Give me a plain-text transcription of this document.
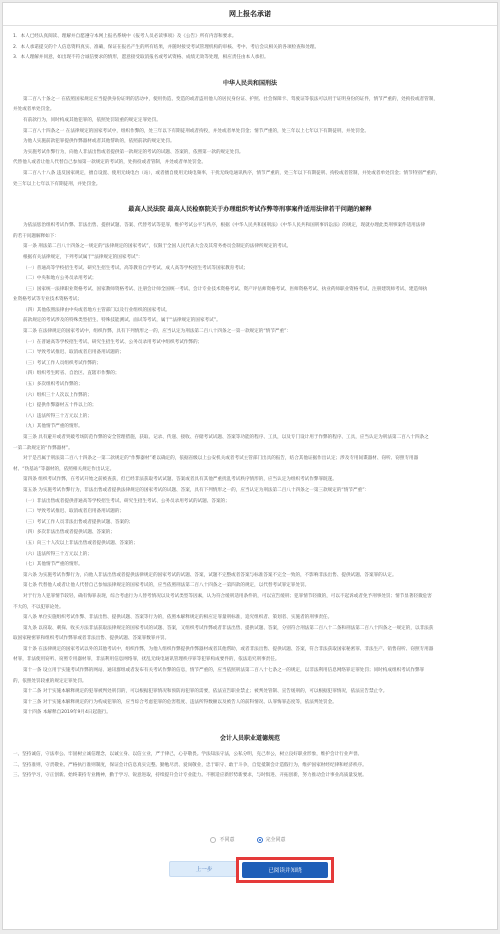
网上报名承诺

1．本人已经认真阅读、理解并自愿遵守本网上报名系统中《报考人员必读事项》及《公告》所有内容和要求。

2．本人承诺提交的个人信息资料真实、准确，保证在报名产生的所有结果，并随时接受考试管理机构的审核、考中、考后会议相关的各项检查和处理。

3．本人理解并同意，如出现不符合诚信要求的情形，愿意接受取消报名或考试资格、成绩无效等处理，相应责任由本人承担。

中华人民共和国刑法

第二百八十条之一 在依照国家规定应当提供身份证明的活动中，使用伪造、变造的或者盗用他人的居民身份证、护照、社会保障卡、驾驶证等依法可以用于证明身份的证件，情节严重的，处拘役或者管制，

并处或者单处罚金。

有前款行为，同时构成其他犯罪的，依照处罚较重的规定定罪处罚。

第二百八十四条之一 在法律规定的国家考试中，组织作弊的，处三年以下有期徒刑或者拘役，并处或者单处罚金；情节严重的，处三年以上七年以下有期徒刑，并处罚金。

为他人实施前款犯罪提供作弊器材或者其他帮助的，依照前款的规定处罚。

为实施考试作弊行为，向他人非法出售或者提供第一款规定的考试的试题、答案的，依照第一款的规定处罚。

代替他人或者让他人代替自己参加第一款规定的考试的，处拘役或者管制，并处或者单处罚金。

第二百八十八条 违反国家规定，擅自设置、使用无线电台（站），或者擅自使用无线电频率，干扰无线电通讯秩序，情节严重的，处三年以下有期徒刑、拘役或者管制，并处或者单处罚金；情节特别严重的，

处三年以上七年以下有期徒刑，并处罚金。

最高人民法院 最高人民检察院关于办理组织考试作弊等刑事案件适用法律若干问题的解释

为依法惩治组织考试作弊、非法出售、提供试题、答案、代替考试等犯罪，维护考试公平与秩序，根据《中华人民共和国刑法》《中华人民共和国刑事诉讼法》的规定，现就办理此类刑事案件适用法律

的若干问题解释如下：

第一条 刑法第二百八十四条之一规定的“法律规定的国家考试”，仅限于全国人民代表大会及其常务委员会制定的法律所规定的考试。

根据有关法律规定，下列考试属于“法律规定的国家考试”：

（一）普通高等学校招生考试、研究生招生考试、高等教育自学考试、成人高等学校招生考试等国家教育考试；

（二）中央和地方公务员录用考试；

（三）国家统一法律职业资格考试、国家教师资格考试、注册会计师全国统一考试、会计专业技术资格考试、资产评估师资格考试、医师资格考试、执业药师职业资格考试、注册建筑师考试、建造师执

业资格考试等专业技术资格考试；

（四）其他依照法律由中央或者地方主管部门以及行业组织的国家考试。

前款规定的考试涉及的特殊类型招生、特殊技能测试、面试等考试，属于“法律规定的国家考试”。

第二条 在法律规定的国家考试中，组织作弊，具有下列情形之一的，应当认定为刑法第二百八十四条之一第一款规定的“情节严重”：

（一）在普通高等学校招生考试、研究生招生考试、公务员录用考试中组织考试作弊的；

（二）导致考试推迟、取消或者启用备用试题的；

（三）考试工作人员组织考试作弊的；

（四）组织考生跨省、自治区、直辖市作弊的；

（五）多次组织考试作弊的；

（六）组织三十人次以上作弊的；

（七）提供作弊器材五十件以上的；

（八）违法所得三十万元以上的；

（九）其他情节严重的情形。

第三条 具有避开或者突破考场防范作弊的安全管理措施，获取、记录、传递、接收、存储考试试题、答案等功能的程序、工具，以及专门设计用于作弊的程序、工具，应当认定为刑法第二百八十四条之

一第二款规定的“作弊器材”。

对于是否属于刑法第二百八十四条之一第二款规定的“作弊器材”难以确定的，依据省级以上公安机关或者考试主管部门出具的报告，结合其他证据作出认定；涉及专用间谍器材、窃听、窃照专用器

材、“伪基站”等器材的，依照相关规定作出认定。

第四条 组织考试作弊，在考试开始之前被查获，但已经非法获取考试试题、答案或者具有其他严重扰乱考试秩序情形的，应当认定为组织考试作弊罪既遂。

第五条 为实施考试作弊行为，非法出售或者提供法律规定的国家考试的试题、答案，具有下列情形之一的，应当认定为刑法第二百八十四条之一第三款规定的“情节严重”：

（一）非法出售或者提供普通高等学校招生考试、研究生招生考试、公务员录用考试的试题、答案的；

（二）导致考试推迟、取消或者启用备用试题的；

（三）考试工作人员非法出售或者提供试题、答案的；

（四）多次非法出售或者提供试题、答案的；

（五）向三十人次以上非法出售或者提供试题、答案的；

（六）违法所得三十万元以上的；

（七）其他情节严重的情形。

第六条 为实施考试作弊行为，向他人非法出售或者提供法律规定的国家考试的试题、答案，试题不完整或者答案与标准答案不完全一致的，不影响非法出售、提供试题、答案罪的认定。

第七条 代替他人或者让他人代替自己参加法律规定的国家考试的，应当依照刑法第二百八十四条之一第四款的规定，以代替考试罪定罪处罚。

对于行为人犯罪情节较轻，确有悔罪表现，综合考虑行为人替考情况以及考试类型等因素，认为符合缓刑适用条件的，可以宣告缓刑；犯罪情节轻微的，可以不起诉或者免予刑事处罚；情节显著轻微危害

不大的，不以犯罪论处。

第八条 单位实施组织考试作弊、非法出售、提供试题、答案等行为的，依照本解释规定的相应定罪量刑标准，追究组织者、策划者、实施者的刑事责任。

第九条 以窃取、刺探、收买方法非法获取法律规定的国家考试的试题、答案，又组织考试作弊或者非法出售、提供试题、答案，分别符合刑法第二百八十二条和刑法第二百八十四条之一规定的，以非法获

取国家秘密罪和组织考试作弊罪或者非法出售、提供试题、答案罪数罪并罚。

第十条 在法律规定的国家考试以外的其他考试中，组织作弊，为他人组织作弊提供作弊器材或者其他帮助，或者非法出售、提供试题、答案，符合非法获取国家秘密罪、非法生产、销售窃听、窃照专用器

材罪，非法使用窃听、窃照专用器材罪，非法利用信息网络罪，扰乱无线电通讯管理秩序罪等犯罪构成要件的，依法追究刑事责任。

第十一条 设立用于实施考试作弊的网站、通讯群组或者发布有关考试作弊的信息，情节严重的，应当依照刑法第二百八十七条之一的规定，以非法利用信息网络罪定罪处罚；同时构成组织考试作弊罪

的，依照处罚较重的规定定罪处罚。

第十二条 对于实施本解释规定的犯罪被判处刑罚的，可以根据犯罪情况和预防再犯罪的需要，依法宣告职业禁止；被判处管制、宣告缓刑的，可以根据犯罪情况，依法宣告禁止令。

第十三条 对于实施本解释规定的行为构成犯罪的，应当综合考虑犯罪的危害程度、违法所得数额以及被告人的前科情况、认罪悔罪态度等，依法判处罚金。

第十四条 本解释自2019年9月4日起施行。

会计人员职业道德规范

一、坚持诚信，守法奉公。牢固树立诚信理念，以诚立身、以信立业，严于律己，心存敬畏。学法知法守法，公私分明，克己奉公，树立良好职业形象，维护会计行业声誉。

二、坚持准则，守责敬业。严格执行准则制度，保证会计信息真实完整。勤勉尽责、爱岗敬业，忠于职守、敢于斗争，自觉抵制会计造假行为，维护国家财经纪律和经济秩序。

三、坚持学习，守正创新。始终秉持专业精神，勤于学习、锐意进取，持续提升会计专业能力。不断适应新形势新要求，与时俱进、开拓创新，努力推动会计事业高质量发展。

不同意	完全同意
上一步	已阅读并知晓
